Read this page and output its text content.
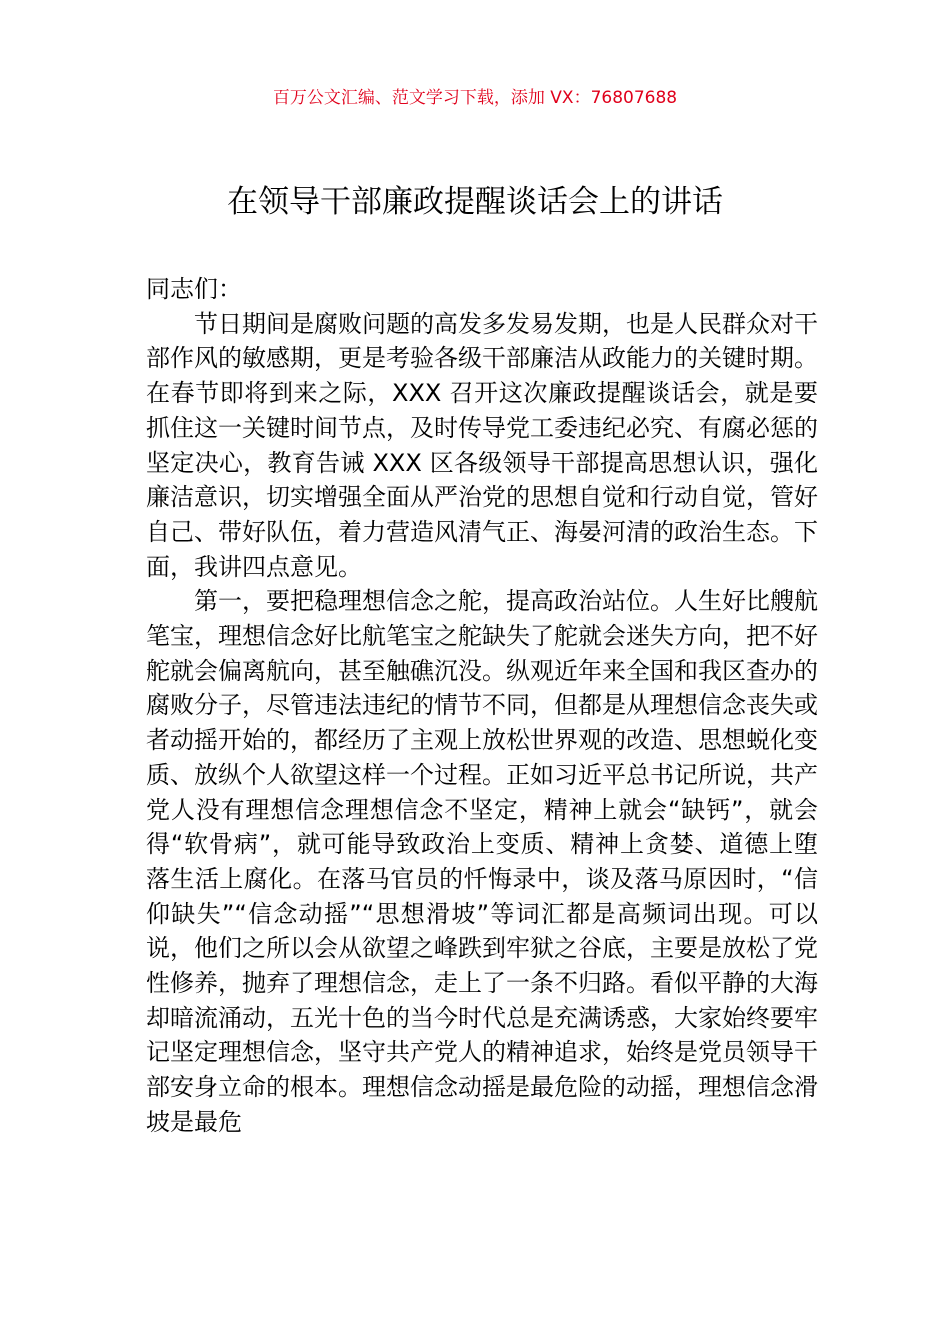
百万公文汇编、范文学习下载，添加 VX：76807688
在领导干部廉政提醒谈话会上的讲话

同志们：

节日期间是腐败问题的高发多发易发期，也是人民群众对干部作风的敏感期，更是考验各级干部廉洁从政能力的关键时期。在春节即将到来之际，XXX 召开这次廉政提醒谈话会，就是要抓住这一关键时间节点，及时传导党工委违纪必究、有腐必惩的坚定决心，教育告诫 XXX 区各级领导干部提高思想认识，强化廉洁意识，切实增强全面从严治党的思想自觉和行动自觉，管好自己、带好队伍，着力营造风清气正、海晏河清的政治生态。下面，我讲四点意见。

第一，要把稳理想信念之舵，提高政治站位。人生好比艘航笔宝，理想信念好比航笔宝之舵缺失了舵就会迷失方向，把不好舵就会偏离航向，甚至触礁沉没。纵观近年来全国和我区查办的腐败分子，尽管违法违纪的情节不同，但都是从理想信念丧失或者动摇开始的，都经历了主观上放松世界观的改造、思想蜕化变质、放纵个人欲望这样一个过程。正如习近平总书记所说，共产党人没有理想信念理想信念不坚定，精神上就会“缺钙”，就会得“软骨病”，就可能导致政治上变质、精神上贪婪、道德上堕落生活上腐化。在落马官员的忏悔录中，谈及落马原因时，“信仰缺失”“信念动摇”“思想滑坡”等词汇都是高频词出现。可以说，他们之所以会从欲望之峰跌到牢狱之谷底，主要是放松了党性修养，抛弃了理想信念，走上了一条不归路。看似平静的大海却暗流涌动，五光十色的当今时代总是充满诱惑，大家始终要牢记坚定理想信念，坚守共产党人的精神追求，始终是党员领导干部安身立命的根本。理想信念动摇是最危险的动摇，理想信念滑坡是最危
